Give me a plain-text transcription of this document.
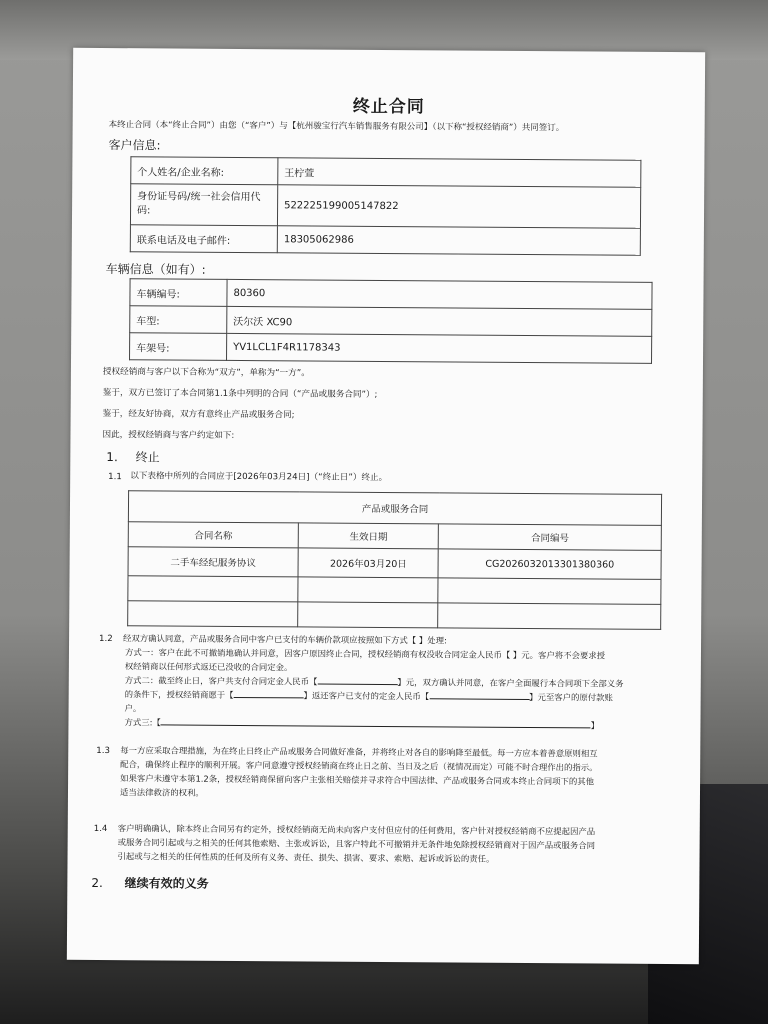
终止合同
本终止合同（本“终止合同”）由您（“客户”）与【杭州骏宝行汽车销售服务有限公司】（以下称“授权经销商”）共同签订。
客户信息:
个人姓名/企业名称:	王柠萱
身份证号码/统一社会信用代码:	522225199005147822
联系电话及电子邮件:	18305062986
车辆信息（如有）:
车辆编号:	80360
车型:	沃尔沃 XC90
车架号:	YV1LCL1F4R1178343
授权经销商与客户以下合称为“双方”，单称为“一方”。
鉴于，双方已签订了本合同第1.1条中列明的合同（“产品或服务合同”）;
鉴于，经友好协商，双方有意终止产品或服务合同;
因此，授权经销商与客户约定如下:
1. 终止
1.1 以下表格中所列的合同应于[2026年03月24日]（“终止日”）终止。
产品或服务合同		
合同名称	生效日期	合同编号
二手车经纪服务协议	2026年03月20日	CG2026032013301380360

1.2 经双方确认同意，产品或服务合同中客户已支付的车辆价款项应按照如下方式【 】处理:
方式一：客户在此不可撤销地确认并同意，因客户原因终止合同，授权经销商有权没收合同定金人民币【 】元。客户将不会要求授
权经销商以任何形式返还已没收的合同定金。
方式二：截至终止日，客户共支付合同定金人民币【	】元，双方确认并同意，在客户全面履行本合同项下全部义务
的条件下，授权经销商愿于【	】返还客户已支付的定金人民币【	】元至客户的原付款账
户。
方式三:【	】
1.3 每一方应采取合理措施，为在终止日终止产品或服务合同做好准备，并将终止对各自的影响降至最低。每一方应本着善意原则相互
配合，确保终止程序的顺利开展。客户同意遵守授权经销商在终止日之前、当日及之后（视情况而定）可能不时合理作出的指示。
如果客户未遵守本第1.2条，授权经销商保留向客户主张相关赔偿并寻求符合中国法律、产品或服务合同或本终止合同项下的其他
适当法律救济的权利。
1.4 客户明确确认，除本终止合同另有约定外，授权经销商无尚未向客户支付但应付的任何费用，客户针对授权经销商不应提起因产品
或服务合同引起或与之相关的任何其他索赔、主张或诉讼，且客户特此不可撤销并无条件地免除授权经销商对于因产品或服务合同
引起或与之相关的任何性质的任何及所有义务、责任、损失、损害、要求、索赔、起诉或诉讼的责任。
2. 继续有效的义务
